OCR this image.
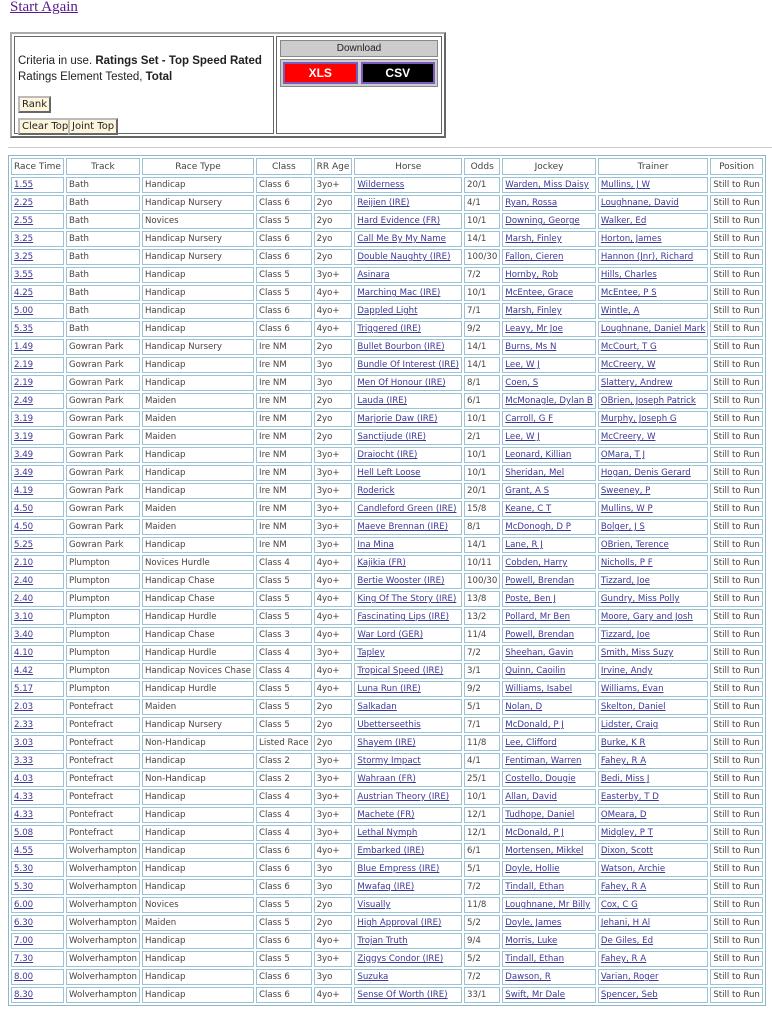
Start Again
Criteria in use. Ratings Set - Top Speed Rated
Ratings Element Tested, Total
Rank
Clear Top Joint Top
Download
XLS	CSV
Race Time	Track	Race Type	Class	RR Age	Horse	Odds	Jockey	Trainer	Position
1.55	Bath	Handicap	Class 6	3yo+	Wilderness	20/1	Warden, Miss Daisy	Mullins, J W	Still to Run
2.25	Bath	Handicap Nursery	Class 6	2yo	Reijien (IRE)	4/1	Ryan, Rossa	Loughnane, David	Still to Run
2.55	Bath	Novices	Class 5	2yo	Hard Evidence (FR)	10/1	Downing, George	Walker, Ed	Still to Run
3.25	Bath	Handicap Nursery	Class 6	2yo	Call Me By My Name	14/1	Marsh, Finley	Horton, James	Still to Run
3.25	Bath	Handicap Nursery	Class 6	2yo	Double Naughty (IRE)	100/30	Fallon, Cieren	Hannon (Jnr), Richard	Still to Run
3.55	Bath	Handicap	Class 5	3yo+	Asinara	7/2	Hornby, Rob	Hills, Charles	Still to Run
4.25	Bath	Handicap	Class 5	4yo+	Marching Mac (IRE)	10/1	McEntee, Grace	McEntee, P S	Still to Run
5.00	Bath	Handicap	Class 6	4yo+	Dappled Light	7/1	Marsh, Finley	Wintle, A	Still to Run
5.35	Bath	Handicap	Class 6	4yo+	Triggered (IRE)	9/2	Leavy, Mr Joe	Loughnane, Daniel Mark	Still to Run
1.49	Gowran Park	Handicap Nursery	Ire NM	2yo	Bullet Bourbon (IRE)	14/1	Burns, Ms N	McCourt, T G	Still to Run
2.19	Gowran Park	Handicap	Ire NM	3yo	Bundle Of Interest (IRE)	14/1	Lee, W J	McCreery, W	Still to Run
2.19	Gowran Park	Handicap	Ire NM	3yo	Men Of Honour (IRE)	8/1	Coen, S	Slattery, Andrew	Still to Run
2.49	Gowran Park	Maiden	Ire NM	2yo	Lauda (IRE)	6/1	McMonagle, Dylan B	OBrien, Joseph Patrick	Still to Run
3.19	Gowran Park	Maiden	Ire NM	2yo	Marjorie Daw (IRE)	10/1	Carroll, G F	Murphy, Joseph G	Still to Run
3.19	Gowran Park	Maiden	Ire NM	2yo	Sanctijude (IRE)	2/1	Lee, W J	McCreery, W	Still to Run
3.49	Gowran Park	Handicap	Ire NM	3yo+	Draiocht (IRE)	10/1	Leonard, Killian	OMara, T J	Still to Run
3.49	Gowran Park	Handicap	Ire NM	3yo+	Hell Left Loose	10/1	Sheridan, Mel	Hogan, Denis Gerard	Still to Run
4.19	Gowran Park	Handicap	Ire NM	3yo+	Roderick	20/1	Grant, A S	Sweeney, P	Still to Run
4.50	Gowran Park	Maiden	Ire NM	3yo+	Candleford Green (IRE)	15/8	Keane, C T	Mullins, W P	Still to Run
4.50	Gowran Park	Maiden	Ire NM	3yo+	Maeve Brennan (IRE)	8/1	McDonogh, D P	Bolger, J S	Still to Run
5.25	Gowran Park	Handicap	Ire NM	3yo+	Ina Mina	14/1	Lane, R J	OBrien, Terence	Still to Run
2.10	Plumpton	Novices Hurdle	Class 4	4yo+	Kajikia (FR)	10/11	Cobden, Harry	Nicholls, P F	Still to Run
2.40	Plumpton	Handicap Chase	Class 5	4yo+	Bertie Wooster (IRE)	100/30	Powell, Brendan	Tizzard, Joe	Still to Run
2.40	Plumpton	Handicap Chase	Class 5	4yo+	King Of The Story (IRE)	13/8	Poste, Ben J	Gundry, Miss Polly	Still to Run
3.10	Plumpton	Handicap Hurdle	Class 5	4yo+	Fascinating Lips (IRE)	13/2	Pollard, Mr Ben	Moore, Gary and Josh	Still to Run
3.40	Plumpton	Handicap Chase	Class 3	4yo+	War Lord (GER)	11/4	Powell, Brendan	Tizzard, Joe	Still to Run
4.10	Plumpton	Handicap Hurdle	Class 4	3yo+	Tapley	7/2	Sheehan, Gavin	Smith, Miss Suzy	Still to Run
4.42	Plumpton	Handicap Novices Chase	Class 4	4yo+	Tropical Speed (IRE)	3/1	Quinn, Caoilin	Irvine, Andy	Still to Run
5.17	Plumpton	Handicap Hurdle	Class 5	4yo+	Luna Run (IRE)	9/2	Williams, Isabel	Williams, Evan	Still to Run
2.03	Pontefract	Maiden	Class 5	2yo	Salkadan	5/1	Nolan, D	Skelton, Daniel	Still to Run
2.33	Pontefract	Handicap Nursery	Class 5	2yo	Ubetterseethis	7/1	McDonald, P J	Lidster, Craig	Still to Run
3.03	Pontefract	Non-Handicap	Listed Race	2yo	Shayem (IRE)	11/8	Lee, Clifford	Burke, K R	Still to Run
3.33	Pontefract	Handicap	Class 2	3yo+	Stormy Impact	4/1	Fentiman, Warren	Fahey, R A	Still to Run
4.03	Pontefract	Non-Handicap	Class 2	3yo+	Wahraan (FR)	25/1	Costello, Dougie	Bedi, Miss J	Still to Run
4.33	Pontefract	Handicap	Class 4	3yo+	Austrian Theory (IRE)	10/1	Allan, David	Easterby, T D	Still to Run
4.33	Pontefract	Handicap	Class 4	3yo+	Machete (FR)	12/1	Tudhope, Daniel	OMeara, D	Still to Run
5.08	Pontefract	Handicap	Class 4	3yo+	Lethal Nymph	12/1	McDonald, P J	Midgley, P T	Still to Run
4.55	Wolverhampton	Handicap	Class 6	4yo+	Embarked (IRE)	6/1	Mortensen, Mikkel	Dixon, Scott	Still to Run
5.30	Wolverhampton	Handicap	Class 6	3yo	Blue Empress (IRE)	5/1	Doyle, Hollie	Watson, Archie	Still to Run
5.30	Wolverhampton	Handicap	Class 6	3yo	Mwafaq (IRE)	7/2	Tindall, Ethan	Fahey, R A	Still to Run
6.00	Wolverhampton	Novices	Class 5	2yo	Visually	11/8	Loughnane, Mr Billy	Cox, C G	Still to Run
6.30	Wolverhampton	Maiden	Class 5	2yo	High Approval (IRE)	5/2	Doyle, James	Jehani, H Al	Still to Run
7.00	Wolverhampton	Handicap	Class 6	4yo+	Trojan Truth	9/4	Morris, Luke	De Giles, Ed	Still to Run
7.30	Wolverhampton	Handicap	Class 5	3yo+	Ziggys Condor (IRE)	5/2	Tindall, Ethan	Fahey, R A	Still to Run
8.00	Wolverhampton	Handicap	Class 6	3yo	Suzuka	7/2	Dawson, R	Varian, Roger	Still to Run
8.30	Wolverhampton	Handicap	Class 6	4yo+	Sense Of Worth (IRE)	33/1	Swift, Mr Dale	Spencer, Seb	Still to Run
